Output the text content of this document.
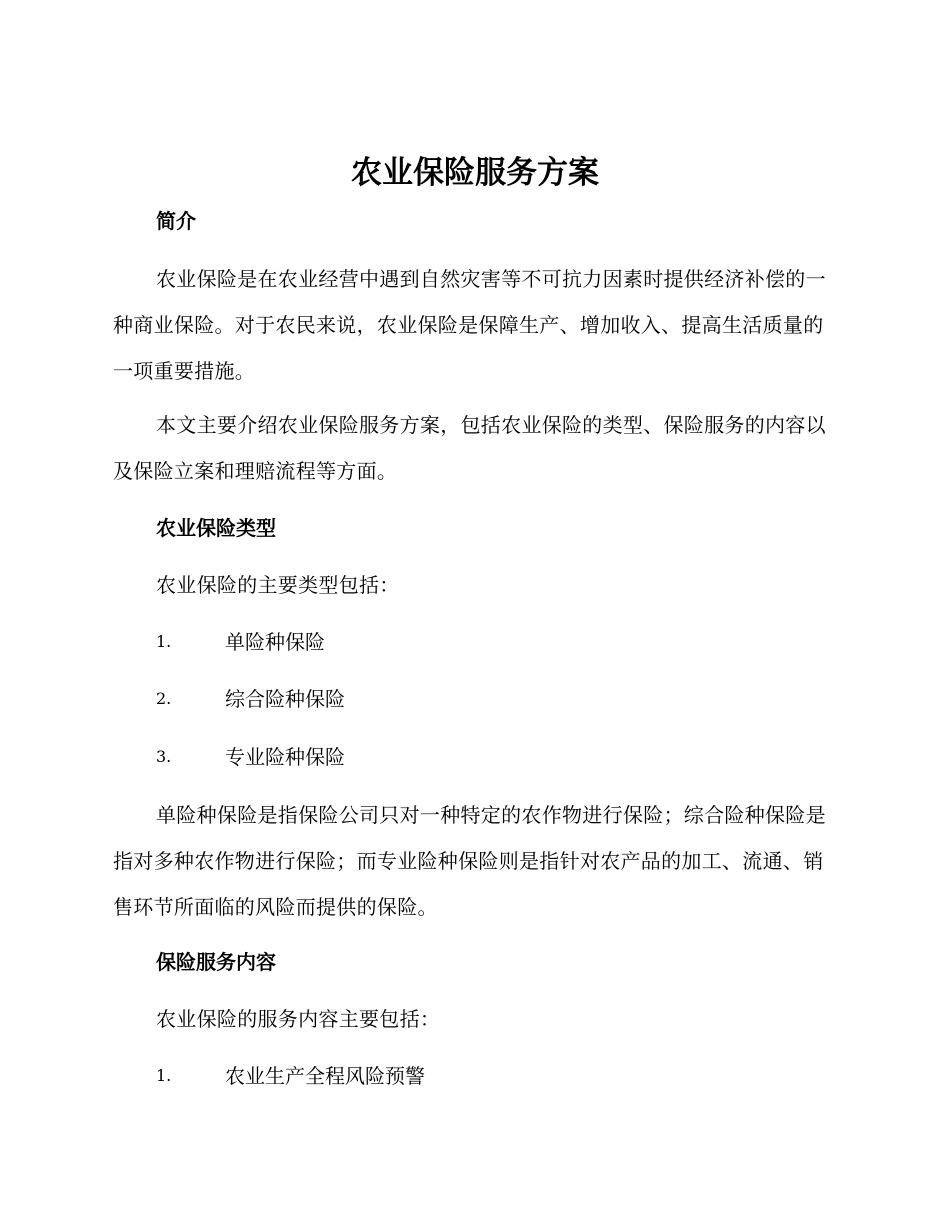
农业保险服务方案
简介

农业保险是在农业经营中遇到自然灾害等不可抗力因素时提供经济补偿的一种商业保险。对于农民来说，农业保险是保障生产、增加收入、提高生活质量的一项重要措施。

本文主要介绍农业保险服务方案，包括农业保险的类型、保险服务的内容以及保险立案和理赔流程等方面。

农业保险类型

农业保险的主要类型包括：

1.	单险种保险
2.	综合险种保险
3.	专业险种保险

单险种保险是指保险公司只对一种特定的农作物进行保险；综合险种保险是指对多种农作物进行保险；而专业险种保险则是指针对农产品的加工、流通、销售环节所面临的风险而提供的保险。

保险服务内容

农业保险的服务内容主要包括：

1.	农业生产全程风险预警
